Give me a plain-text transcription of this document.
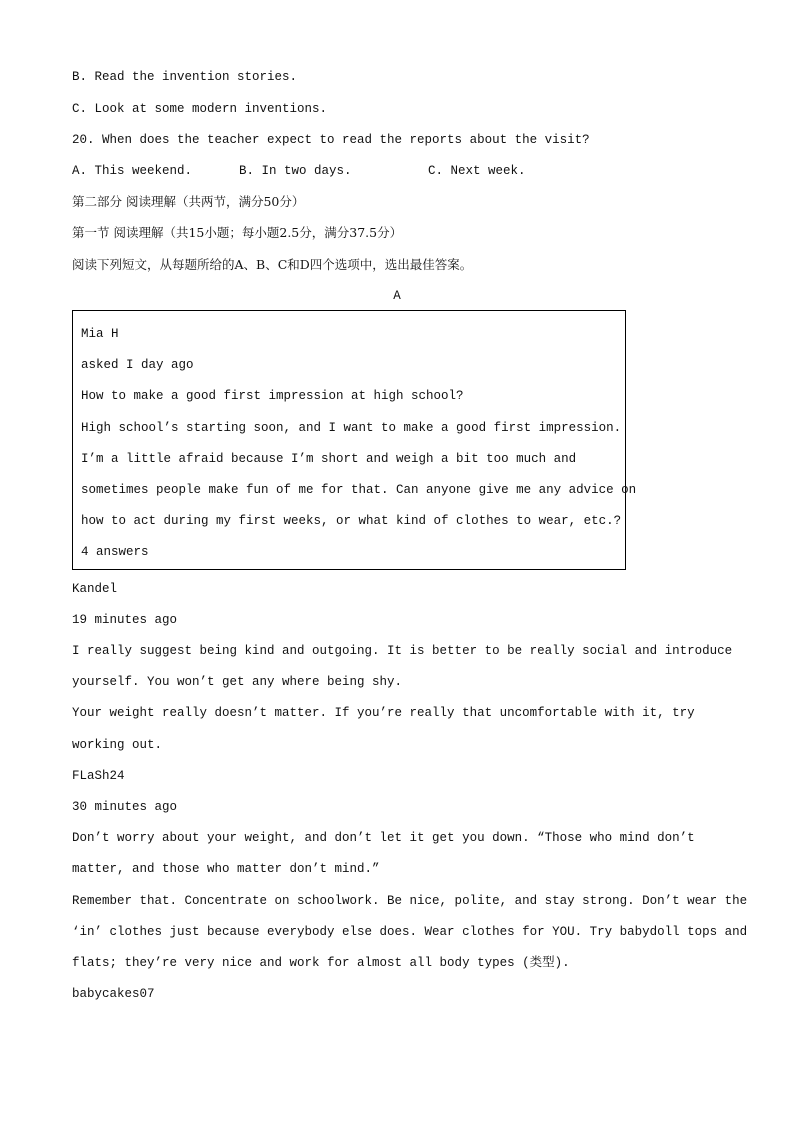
B. Read the invention stories.
C. Look at some modern inventions.
20. When does the teacher expect to read the reports about the visit?
A. This weekend.	B. In two days.	C. Next week.
第二部分 阅读理解（共两节，满分50分）
第一节 阅读理解（共15小题；每小题2.5分，满分37.5分）
阅读下列短文，从每题所给的A、B、C和D四个选项中，选出最佳答案。
A
Mia H
asked I day ago
How to make a good first impression at high school?
High school’s starting soon, and I want to make a good first impression.
I’m a little afraid because I’m short and weigh a bit too much and
sometimes people make fun of me for that. Can anyone give me any advice on
how to act during my first weeks, or what kind of clothes to wear, etc.?
4 answers
Kandel
19 minutes ago
I really suggest being kind and outgoing. It is better to be really social and introduce
yourself. You won’t get any where being shy.
Your weight really doesn’t matter. If you’re really that uncomfortable with it, try
working out.
FLaSh24
30 minutes ago
Don’t worry about your weight, and don’t let it get you down. “Those who mind don’t
matter, and those who matter don’t mind.”
Remember that. Concentrate on schoolwork. Be nice, polite, and stay strong. Don’t wear the
‘in’ clothes just because everybody else does. Wear clothes for YOU. Try babydoll tops and
flats; they’re very nice and work for almost all body types (类型).
babycakes07
